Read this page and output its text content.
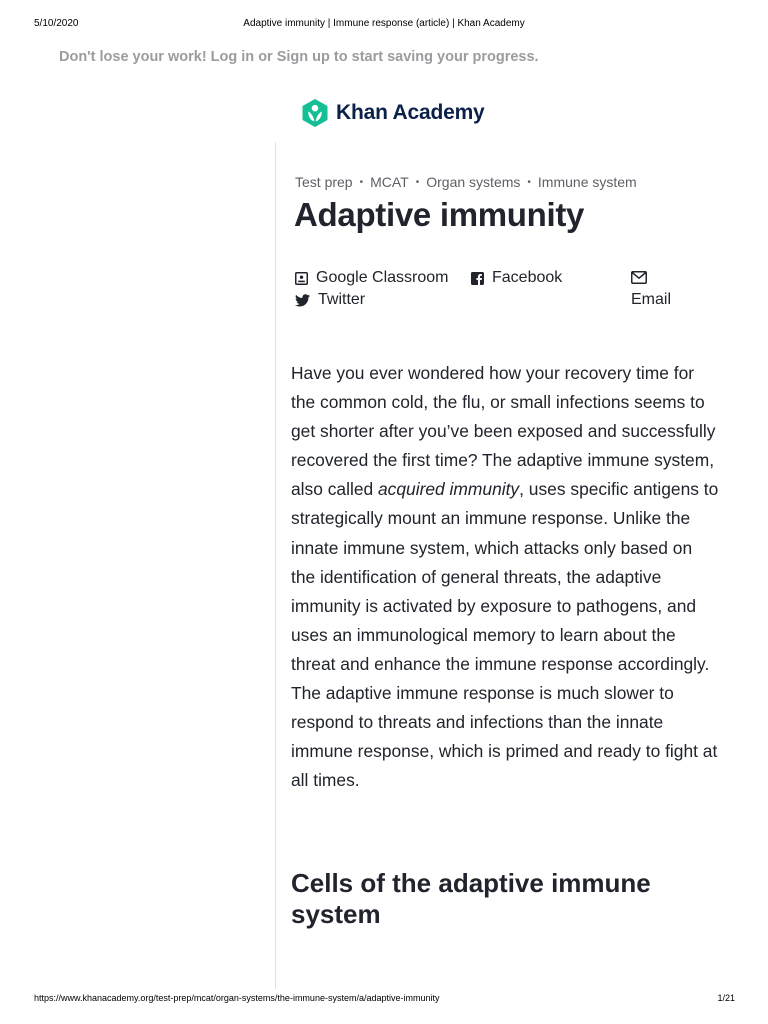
5/10/2020	Adaptive immunity | Immune response (article) | Khan Academy
Don't lose your work! Log in or Sign up to start saving your progress.
Khan Academy
Test prep • MCAT • Organ systems • Immune system
Adaptive immunity
Google Classroom	Facebook
Twitter	Email

Have you ever wondered how your recovery time for the common cold, the flu, or small infections seems to get shorter after you’ve been exposed and successfully recovered the first time? The adaptive immune system, also called acquired immunity, uses specific antigens to strategically mount an immune response. Unlike the innate immune system, which attacks only based on the identification of general threats, the adaptive immunity is activated by exposure to pathogens, and uses an immunological memory to learn about the threat and enhance the immune response accordingly. The adaptive immune response is much slower to respond to threats and infections than the innate immune response, which is primed and ready to fight at all times.

Cells of the adaptive immune system
https://www.khanacademy.org/test-prep/mcat/organ-systems/the-immune-system/a/adaptive-immunity	1/21
